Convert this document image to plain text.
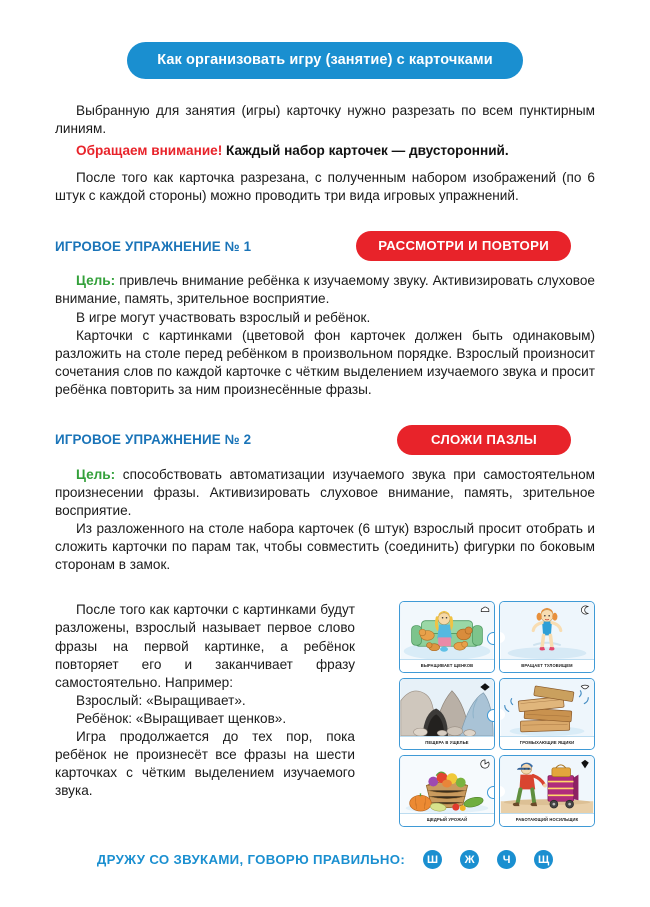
Как организовать игру (занятие) с карточками

Выбранную для занятия (игры) карточку нужно разрезать по всем пунктирным линиям.

Обращаем внимание! Каждый набор карточек — двусторонний.

После того как карточка разрезана, с полученным набором изображений (по 6 штук с каждой стороны) можно проводить три вида игровых упражнений.

ИГРОВОЕ УПРАЖНЕНИЕ № 1	РАССМОТРИ И ПОВТОРИ

Цель: привлечь внимание ребёнка к изучаемому звуку. Активизировать слуховое внимание, память, зрительное восприятие.

В игре могут участвовать взрослый и ребёнок.

Карточки с картинками (цветовой фон карточек должен быть одинаковым) разложить на столе перед ребёнком в произвольном порядке. Взрослый произносит сочетания слов по каждой карточке с чётким выделением изучаемого звука и просит ребёнка повторить за ним произнесённые фразы.

ИГРОВОЕ УПРАЖНЕНИЕ № 2	СЛОЖИ ПАЗЛЫ

Цель: способствовать автоматизации изучаемого звука при самостоятельном произнесении фразы. Активизировать слуховое внимание, память, зрительное восприятие.

Из разложенного на столе набора карточек (6 штук) взрослый просит отобрать и сложить карточки по парам так, чтобы совместить (соединить) фигурки по боковым сторонам в замок.

После того как карточки с картинками будут разложены, взрослый называет первое слово фразы на первой картинке, а ребёнок повторяет его и заканчивает фразу самостоятельно. Например:

Взрослый: «Выращивает».

Ребёнок: «Выращивает щенков».

Игра продолжается до тех пор, пока ребёнок не произнесёт все фразы на шести карточках с чётким выделением изучаемого звука.

ВЫРАЩИВАЕТ ЩЕНКОВ	ВРАЩАЕТ ТУЛОВИЩЕМ
ПЕЩЕРА В УЩЕЛЬЕ	ГРОМЫХАЮЩИЕ ЯЩИКИ
ЩЕДРЫЙ УРОЖАЙ	РАБОТАЮЩИЙ НОСИЛЬЩИК
ДРУЖУ СО ЗВУКАМИ, ГОВОРЮ ПРАВИЛЬНО:	Ш	Ж	Ч	Щ
